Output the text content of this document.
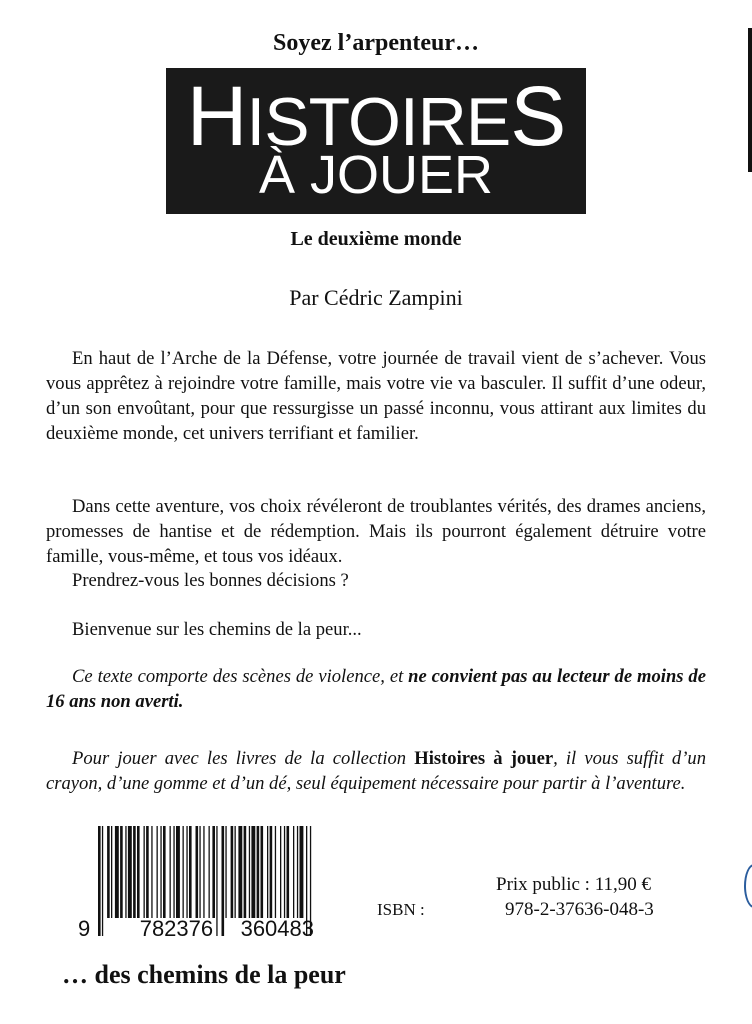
Soyez l’arpenteur…
HISTOIRES
À JOUER
Le deuxième monde
Par Cédric Zampini

En haut de l’Arche de la Défense, votre journée de travail vient de s’achever. Vous vous apprêtez à rejoindre votre famille, mais votre vie va basculer. Il suffit d’une odeur, d’un son envoûtant, pour que ressurgisse un passé inconnu, vous attirant aux limites du deuxième monde, cet univers terrifiant et familier.

Dans cette aventure, vos choix révéleront de troublantes vérités, des drames anciens, promesses de hantise et de rédemption. Mais ils pourront également détruire votre famille, vous-même, et tous vos idéaux.

Prendrez-vous les bonnes décisions ?

Bienvenue sur les chemins de la peur...

Ce texte comporte des scènes de violence, et ne convient pas au lecteur de moins de 16 ans non averti.

Pour jouer avec les livres de la collection Histoires à jouer, il vous suffit d’un crayon, d’une gomme et d’un dé, seul équipement nécessaire pour partir à l’aventure.

9 782376 360483
ISBN :
Prix public : 11,90 €
978-2-37636-048-3
… des chemins de la peur
